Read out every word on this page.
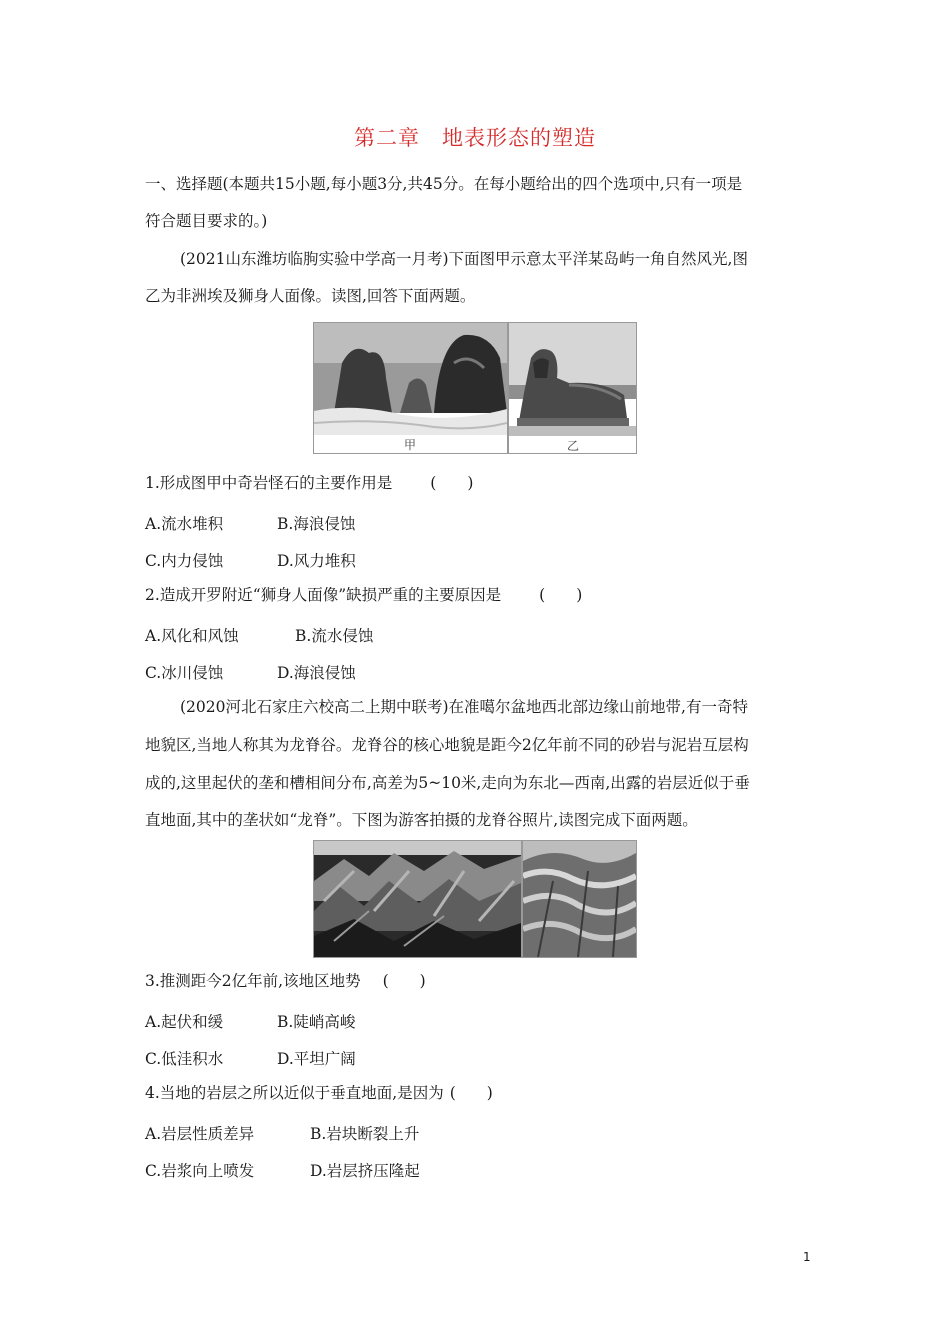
第二章　地表形态的塑造
一、选择题(本题共15小题,每小题3分,共45分。在每小题给出的四个选项中,只有一项是
符合题目要求的。)
(2021山东潍坊临朐实验中学高一月考)下面图甲示意太平洋某岛屿一角自然风光,图
乙为非洲埃及狮身人面像。读图,回答下面两题。
甲	乙
1.形成图甲中奇岩怪石的主要作用是 (　　)
A.流水堆积	B.海浪侵蚀
C.内力侵蚀	D.风力堆积
2.造成开罗附近“狮身人面像”缺损严重的主要原因是 (　　)
A.风化和风蚀	B.流水侵蚀
C.冰川侵蚀	D.海浪侵蚀
(2020河北石家庄六校高二上期中联考)在准噶尔盆地西北部边缘山前地带,有一奇特
地貌区,当地人称其为龙脊谷。龙脊谷的核心地貌是距今2亿年前不同的砂岩与泥岩互层构
成的,这里起伏的垄和槽相间分布,高差为5~10米,走向为东北—西南,出露的岩层近似于垂
直地面,其中的垄状如“龙脊”。下图为游客拍摄的龙脊谷照片,读图完成下面两题。
3.推测距今2亿年前,该地区地势 (　　)
A.起伏和缓	B.陡峭高峻
C.低洼积水	D.平坦广阔
4.当地的岩层之所以近似于垂直地面,是因为 (　　)
A.岩层性质差异	B.岩块断裂上升
C.岩浆向上喷发	D.岩层挤压隆起
1
